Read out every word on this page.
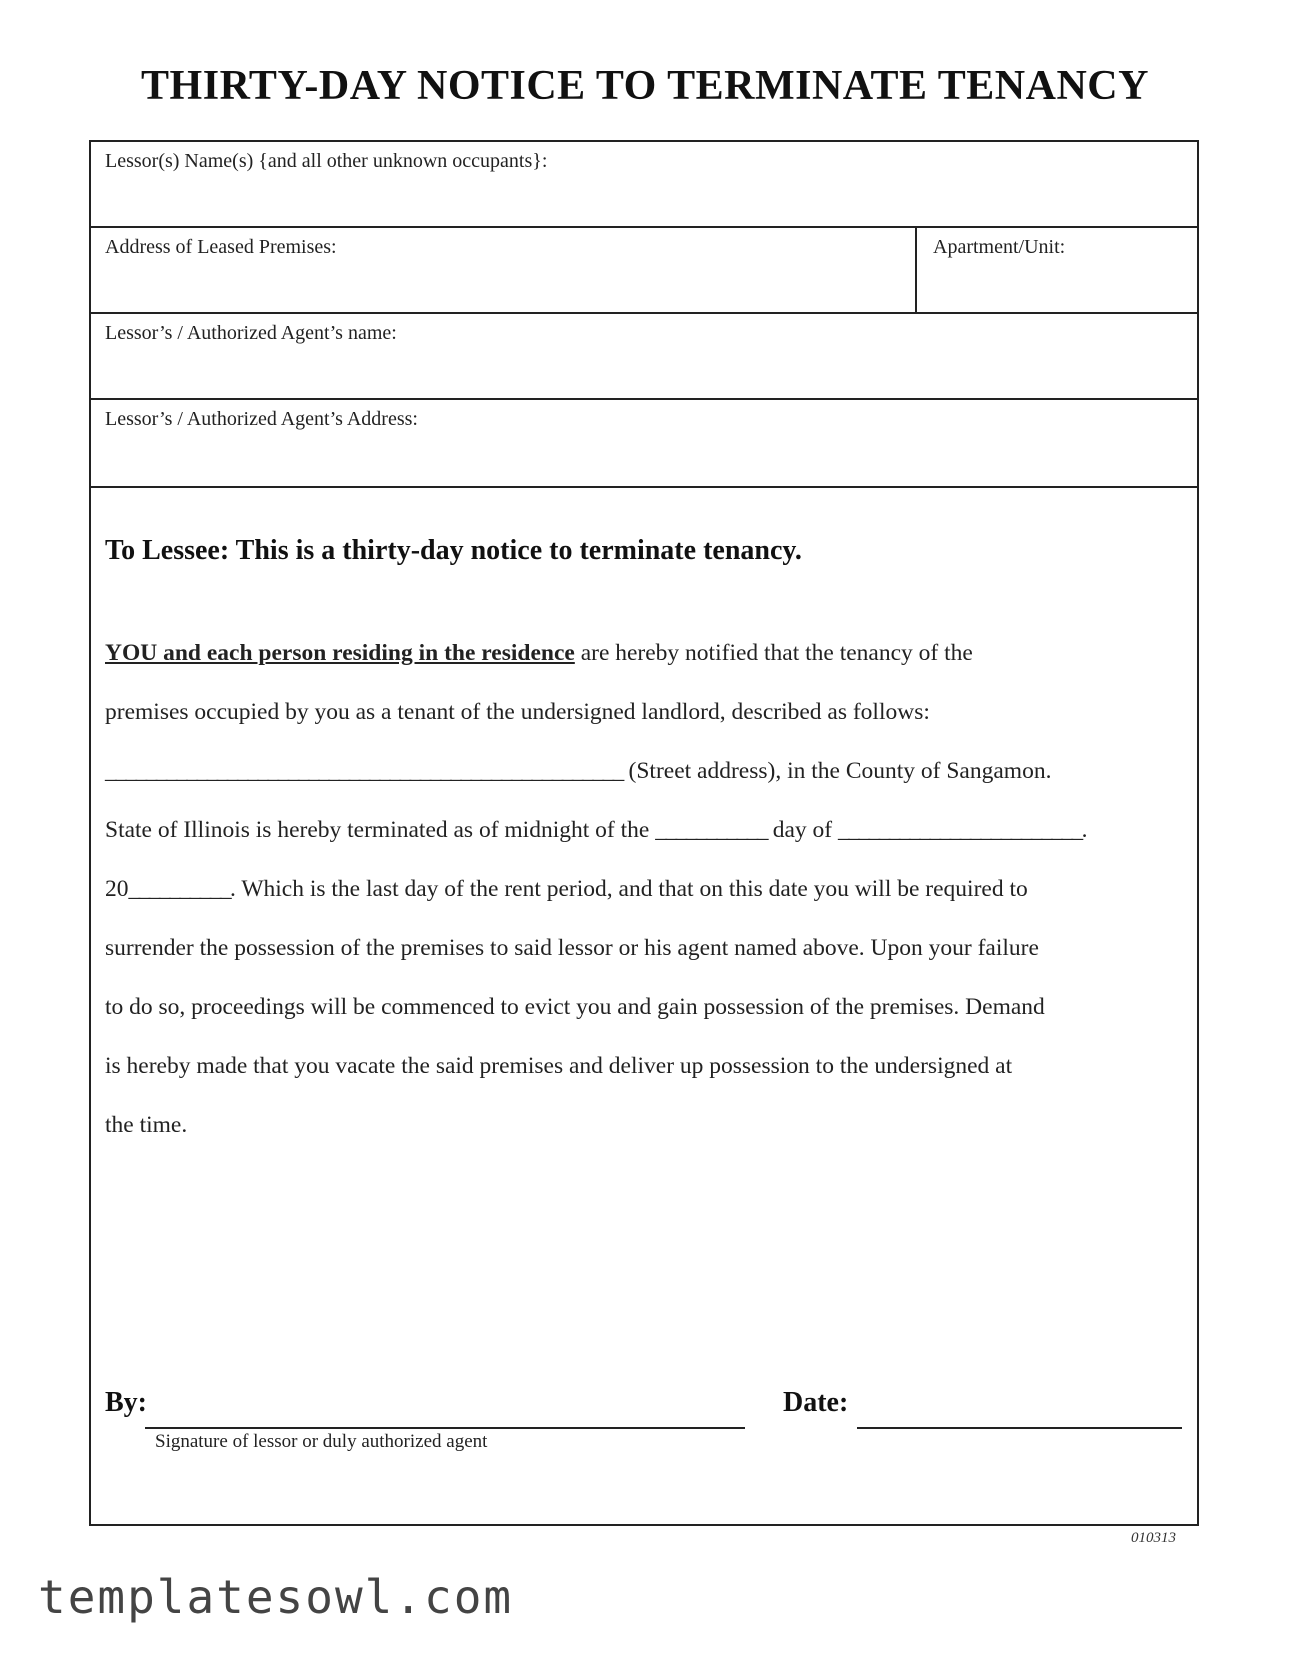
THIRTY-DAY NOTICE TO TERMINATE TENANCY
Lessor(s) Name(s) {and all other unknown occupants}:
Address of Leased Premises:	Apartment/Unit:
Lessor’s / Authorized Agent’s name:
Lessor’s / Authorized Agent’s Address:
To Lessee: This is a thirty-day notice to terminate tenancy.
YOU and each person residing in the residence are hereby notified that the tenancy of the
premises occupied by you as a tenant of the undersigned landlord, described as follows:
___________________________________________________ (Street address), in the County of Sangamon.
State of Illinois is hereby terminated as of midnight of the ___________ day of ________________________.
20__________. Which is the last day of the rent period, and that on this date you will be required to
surrender the possession of the premises to said lessor or his agent named above. Upon your failure
to do so, proceedings will be commenced to evict you and gain possession of the premises. Demand
is hereby made that you vacate the said premises and deliver up possession to the undersigned at
the time.
By:
Signature of lessor or duly authorized agent
Date:
010313
templatesowl.com
